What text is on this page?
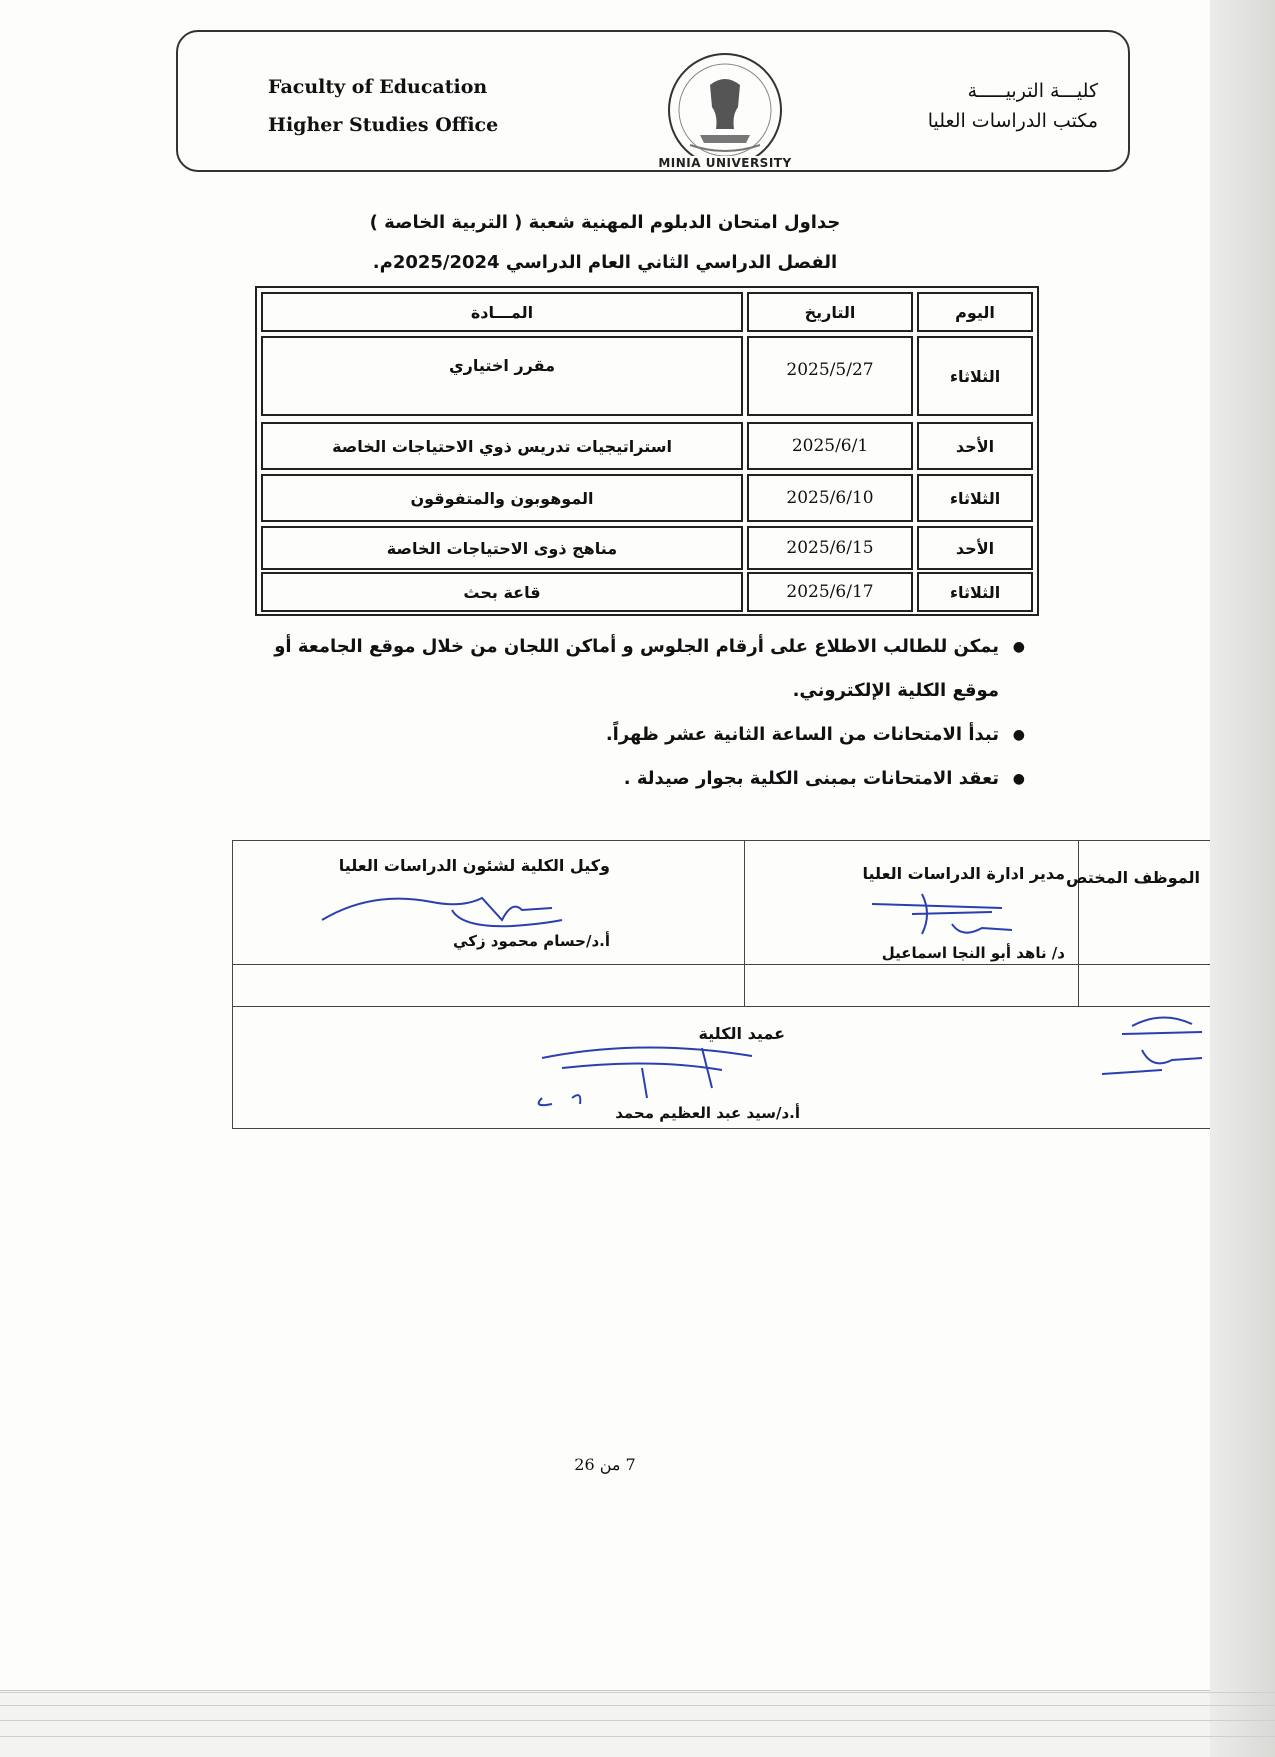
Faculty of Education
Higher Studies Office
كليـــة التربيـــــة
مكتب الدراسات العليا
MINIA UNIVERSITY
جداول امتحان الدبلوم المهنية شعبة ( التربية الخاصة )
الفصل الدراسي الثاني العام الدراسي 2025/2024م.
اليوم
التاريخ
المـــادة
الثلاثاء
2025/5/27
مقرر اختياري
الأحد
2025/6/1
استراتيجيات تدريس ذوي الاحتياجات الخاصة
الثلاثاء
2025/6/10
الموهوبون والمتفوقون
الأحد
2025/6/15
مناهج ذوى الاحتياجات الخاصة
الثلاثاء
2025/6/17
قاعة بحث
●
يمكن للطالب الاطلاع على أرقام الجلوس و أماكن اللجان من خلال موقع الجامعة أو موقع الكلية الإلكتروني.
●
تبدأ الامتحانات من الساعة الثانية عشر ظهراً.
●
تعقد الامتحانات بمبنى الكلية بجوار صيدلة .
الموظف المختص
مدير ادارة الدراسات العليا
د/ ناهد أبو النجا اسماعيل
وكيل الكلية لشئون الدراسات العليا
أ.د/حسام محمود زكي
عميد الكلية
أ.د/سيد عبد العظيم محمد
7 من 26
